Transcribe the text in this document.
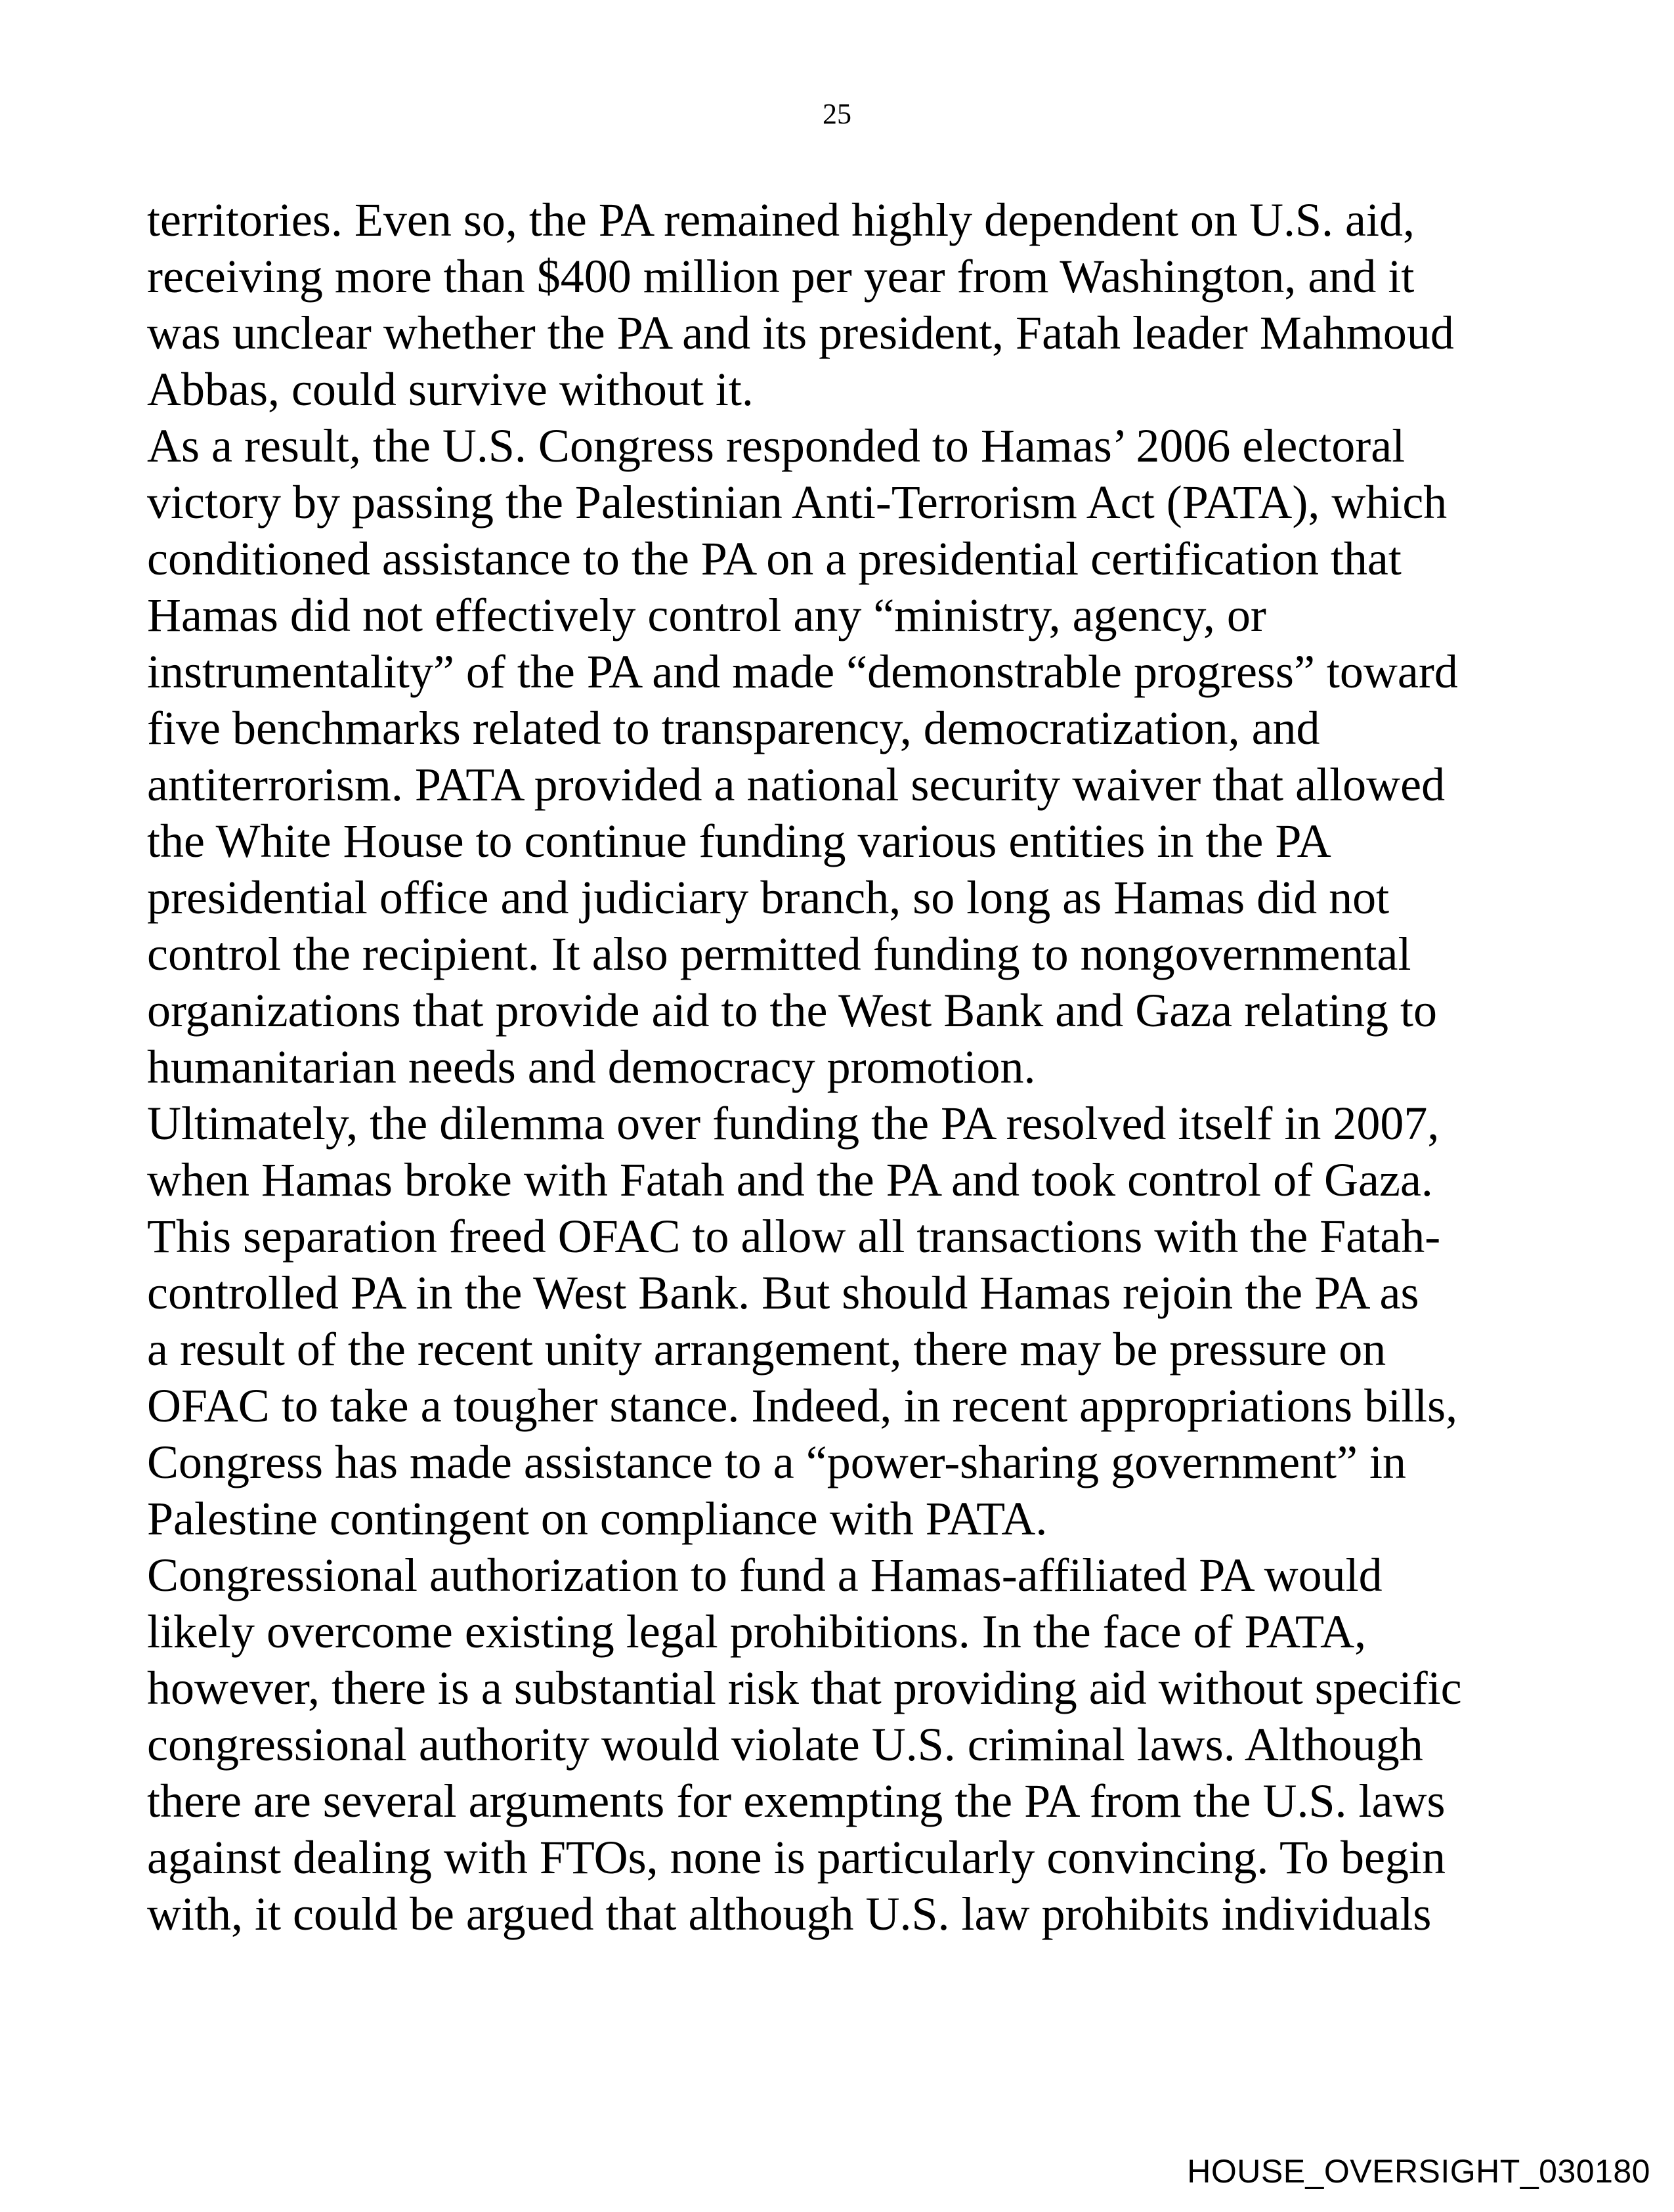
25
territories. Even so, the PA remained highly dependent on U.S. aid,
receiving more than $400 million per year from Washington, and it
was unclear whether the PA and its president, Fatah leader Mahmoud
Abbas, could survive without it.
As a result, the U.S. Congress responded to Hamas’ 2006 electoral
victory by passing the Palestinian Anti-Terrorism Act (PATA), which
conditioned assistance to the PA on a presidential certification that
Hamas did not effectively control any “ministry, agency, or
instrumentality” of the PA and made “demonstrable progress” toward
five benchmarks related to transparency, democratization, and
antiterrorism. PATA provided a national security waiver that allowed
the White House to continue funding various entities in the PA
presidential office and judiciary branch, so long as Hamas did not
control the recipient. It also permitted funding to nongovernmental
organizations that provide aid to the West Bank and Gaza relating to
humanitarian needs and democracy promotion.
Ultimately, the dilemma over funding the PA resolved itself in 2007,
when Hamas broke with Fatah and the PA and took control of Gaza.
This separation freed OFAC to allow all transactions with the Fatah-
controlled PA in the West Bank. But should Hamas rejoin the PA as
a result of the recent unity arrangement, there may be pressure on
OFAC to take a tougher stance. Indeed, in recent appropriations bills,
Congress has made assistance to a “power-sharing government” in
Palestine contingent on compliance with PATA.
Congressional authorization to fund a Hamas-affiliated PA would
likely overcome existing legal prohibitions. In the face of PATA,
however, there is a substantial risk that providing aid without specific
congressional authority would violate U.S. criminal laws. Although
there are several arguments for exempting the PA from the U.S. laws
against dealing with FTOs, none is particularly convincing. To begin
with, it could be argued that although U.S. law prohibits individuals
HOUSE_OVERSIGHT_030180
